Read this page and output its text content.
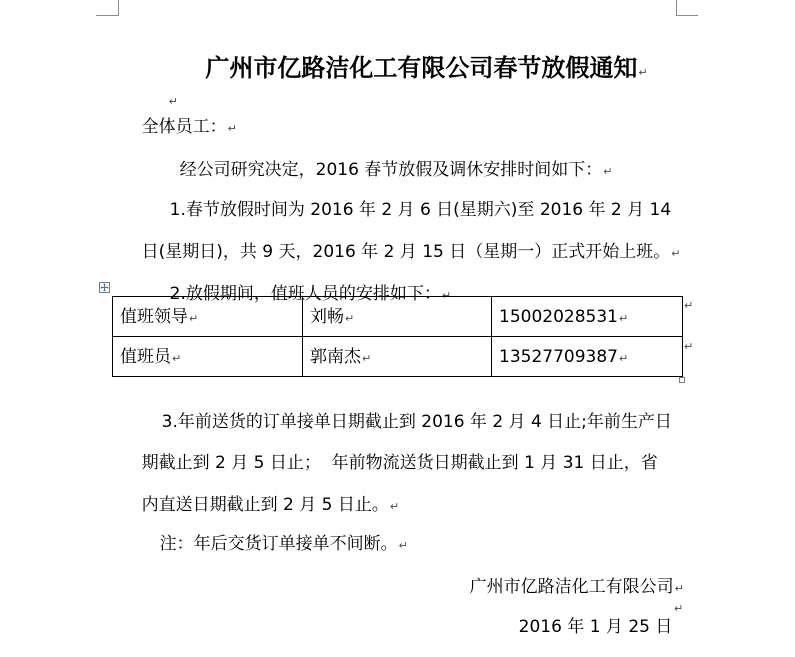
广州市亿路洁化工有限公司春节放假通知↵

↵

全体员工：↵

经公司研究决定，2016 春节放假及调休安排时间如下：↵

1.春节放假时间为 2016 年 2 月 6 日(星期六)至 2016 年 2 月 14

日(星期日)，共 9 天，2016 年 2 月 15 日（星期一）正式开始上班。↵

2.放假期间，值班人员的安排如下：↵

值班领导↵	刘畅↵	15002028531↵
值班员↵	郭南杰↵	13527709387↵
↵
↵

3.年前送货的订单接单日期截止到 2016 年 2 月 4 日止;年前生产日

期截止到 2 月 5 日止；  年前物流送货日期截止到 1 月 31 日止，省

内直送日期截止到 2 月 5 日止。↵

注：年后交货订单接单不间断。↵

广州市亿路洁化工有限公司↵

2016 年 1 月 25 日

↵
